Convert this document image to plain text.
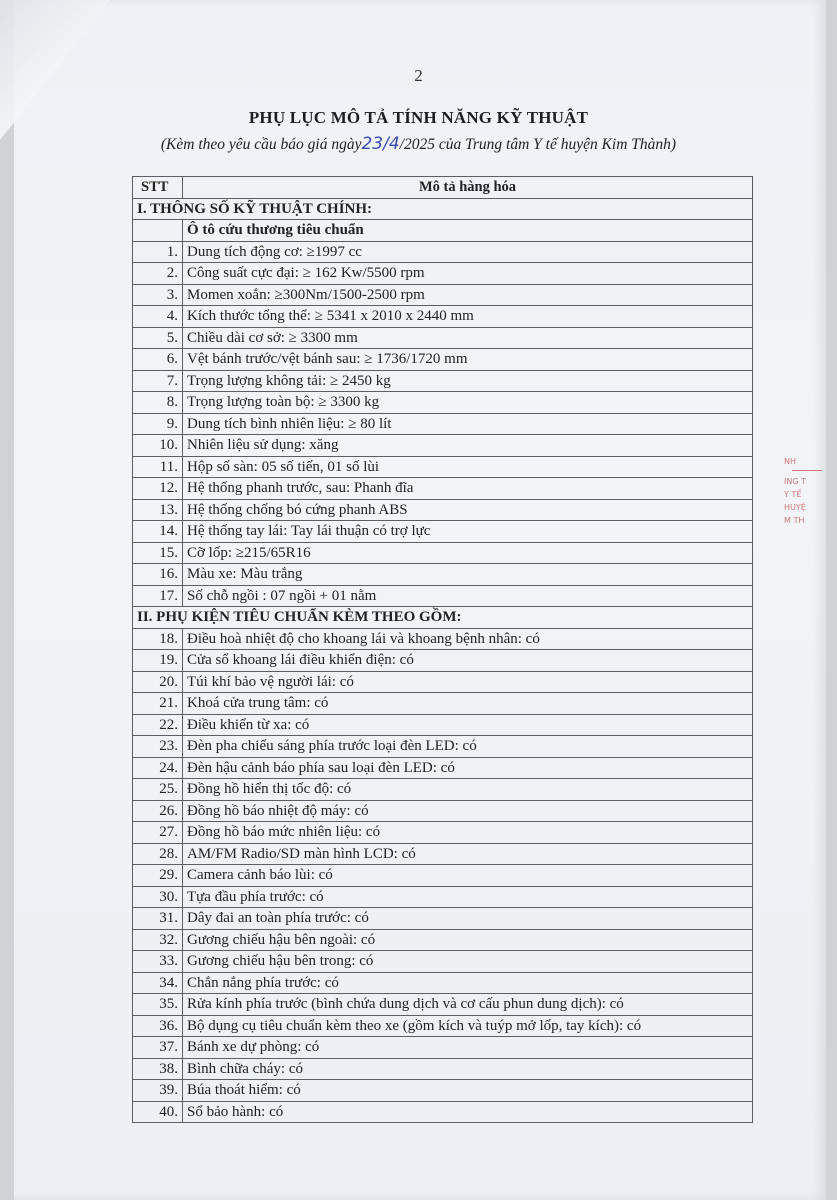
2
PHỤ LỤC MÔ TẢ TÍNH NĂNG KỸ THUẬT
(Kèm theo yêu cầu báo giá ngày23/4/2025 của Trung tâm Y tế huyện Kim Thành)
STT	Mô tả hàng hóa
I. THÔNG SỐ KỸ THUẬT CHÍNH:	
	Ô tô cứu thương tiêu chuẩn
1.	Dung tích động cơ: ≥1997 cc
2.	Công suất cực đại: ≥ 162 Kw/5500 rpm
3.	Momen xoắn: ≥300Nm/1500-2500 rpm
4.	Kích thước tổng thể: ≥ 5341 x 2010 x 2440 mm
5.	Chiều dài cơ sở: ≥ 3300 mm
6.	Vệt bánh trước/vệt bánh sau: ≥ 1736/1720 mm
7.	Trọng lượng không tải: ≥ 2450 kg
8.	Trọng lượng toàn bộ: ≥ 3300 kg
9.	Dung tích bình nhiên liệu: ≥ 80 lít
10.	Nhiên liệu sử dụng: xăng
11.	Hộp số sàn: 05 số tiến, 01 số lùi
12.	Hệ thống phanh trước, sau: Phanh đĩa
13.	Hệ thống chống bó cứng phanh ABS
14.	Hệ thống tay lái: Tay lái thuận có trợ lực
15.	Cỡ lốp: ≥215/65R16
16.	Màu xe: Màu trắng
17.	Số chỗ ngồi : 07 ngồi + 01 nằm
II. PHỤ KIỆN TIÊU CHUẨN KÈM THEO GỒM:	
18.	Điều hoà nhiệt độ cho khoang lái và khoang bệnh nhân: có
19.	Cửa sổ khoang lái điều khiển điện: có
20.	Túi khí bảo vệ người lái: có
21.	Khoá cửa trung tâm: có
22.	Điều khiển từ xa: có
23.	Đèn pha chiếu sáng phía trước loại đèn LED: có
24.	Đèn hậu cảnh báo phía sau loại đèn LED: có
25.	Đồng hồ hiển thị tốc độ: có
26.	Đồng hồ báo nhiệt độ máy: có
27.	Đồng hồ báo mức nhiên liệu: có
28.	AM/FM Radio/SD màn hình LCD: có
29.	Camera cảnh báo lùi: có
30.	Tựa đầu phía trước: có
31.	Dây đai an toàn phía trước: có
32.	Gương chiếu hậu bên ngoài: có
33.	Gương chiếu hậu bên trong: có
34.	Chắn nắng phía trước: có
35.	Rửa kính phía trước (bình chứa dung dịch và cơ cấu phun dung dịch): có
36.	Bộ dụng cụ tiêu chuẩn kèm theo xe (gồm kích và tuýp mở lốp, tay kích): có
37.	Bánh xe dự phòng: có
38.	Bình chữa cháy: có
39.	Búa thoát hiểm: có
40.	Sổ bảo hành: có
NH
ING T
Y TẾ
HUYỆ
M TH
